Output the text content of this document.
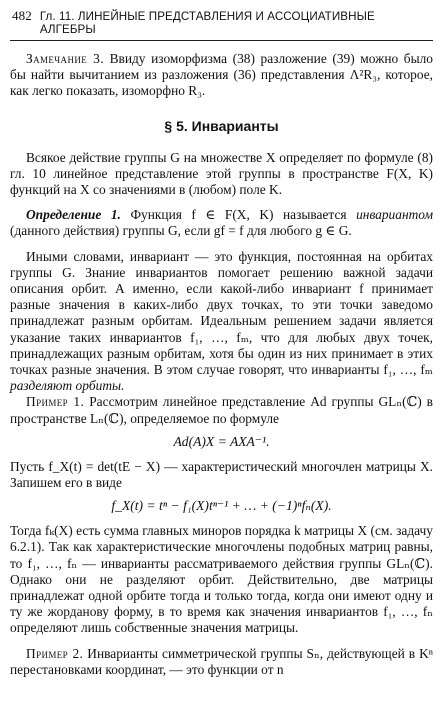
482 Гл. 11. ЛИНЕЙНЫЕ ПРЕДСТАВЛЕНИЯ И АССОЦИАТИВНЫЕ АЛГЕБРЫ

Замечание 3. Ввиду изоморфизма (38) разложение (39) можно было бы найти вычитанием из разложения (36) представления Λ²R₃, которое, как легко показать, изоморфно R₃.

§ 5. Инварианты

Всякое действие группы G на множестве X определяет по формуле (8) гл. 10 линейное представление этой группы в пространстве F(X, K) функций на X со значениями в (любом) поле K.

Определение 1. Функция f ∈ F(X, K) называется инвариантом (данного действия) группы G, если gf = f для любого g ∈ G.

Иными словами, инвариант — это функция, постоянная на орбитах группы G. Знание инвариантов помогает решению важной задачи описания орбит. А именно, если какой-либо инвариант f принимает разные значения в каких-либо двух точках, то эти точки заведомо принадлежат разным орбитам. Идеальным решением задачи является указание таких инвариантов f₁, …, fₘ, что для любых двух точек, принадлежащих разным орбитам, хотя бы один из них принимает в этих точках разные значения. В этом случае говорят, что инварианты f₁, …, fₘ разделяют орбиты.

Пример 1. Рассмотрим линейное представление Ad группы GLₙ(ℂ) в пространстве Lₙ(ℂ), определяемое по формуле

Ad(A)X = AXA⁻¹.

Пусть f_X(t) = det(tE − X) — характеристический многочлен матрицы X. Запишем его в виде

f_X(t) = tⁿ − f₁(X)tⁿ⁻¹ + … + (−1)ⁿfₙ(X).

Тогда fₖ(X) есть сумма главных миноров порядка k матрицы X (см. задачу 6.2.1). Так как характеристические многочлены подобных матриц равны, то f₁, …, fₙ — инварианты рассматриваемого действия группы GLₙ(ℂ). Однако они не разделяют орбит. Действительно, две матрицы принадлежат одной орбите тогда и только тогда, когда они имеют одну и ту же жорданову форму, в то время как значения инвариантов f₁, …, fₙ определяют лишь собственные значения матрицы.

Пример 2. Инварианты симметрической группы Sₙ, действующей в Kⁿ перестановками координат, — это функции от n
